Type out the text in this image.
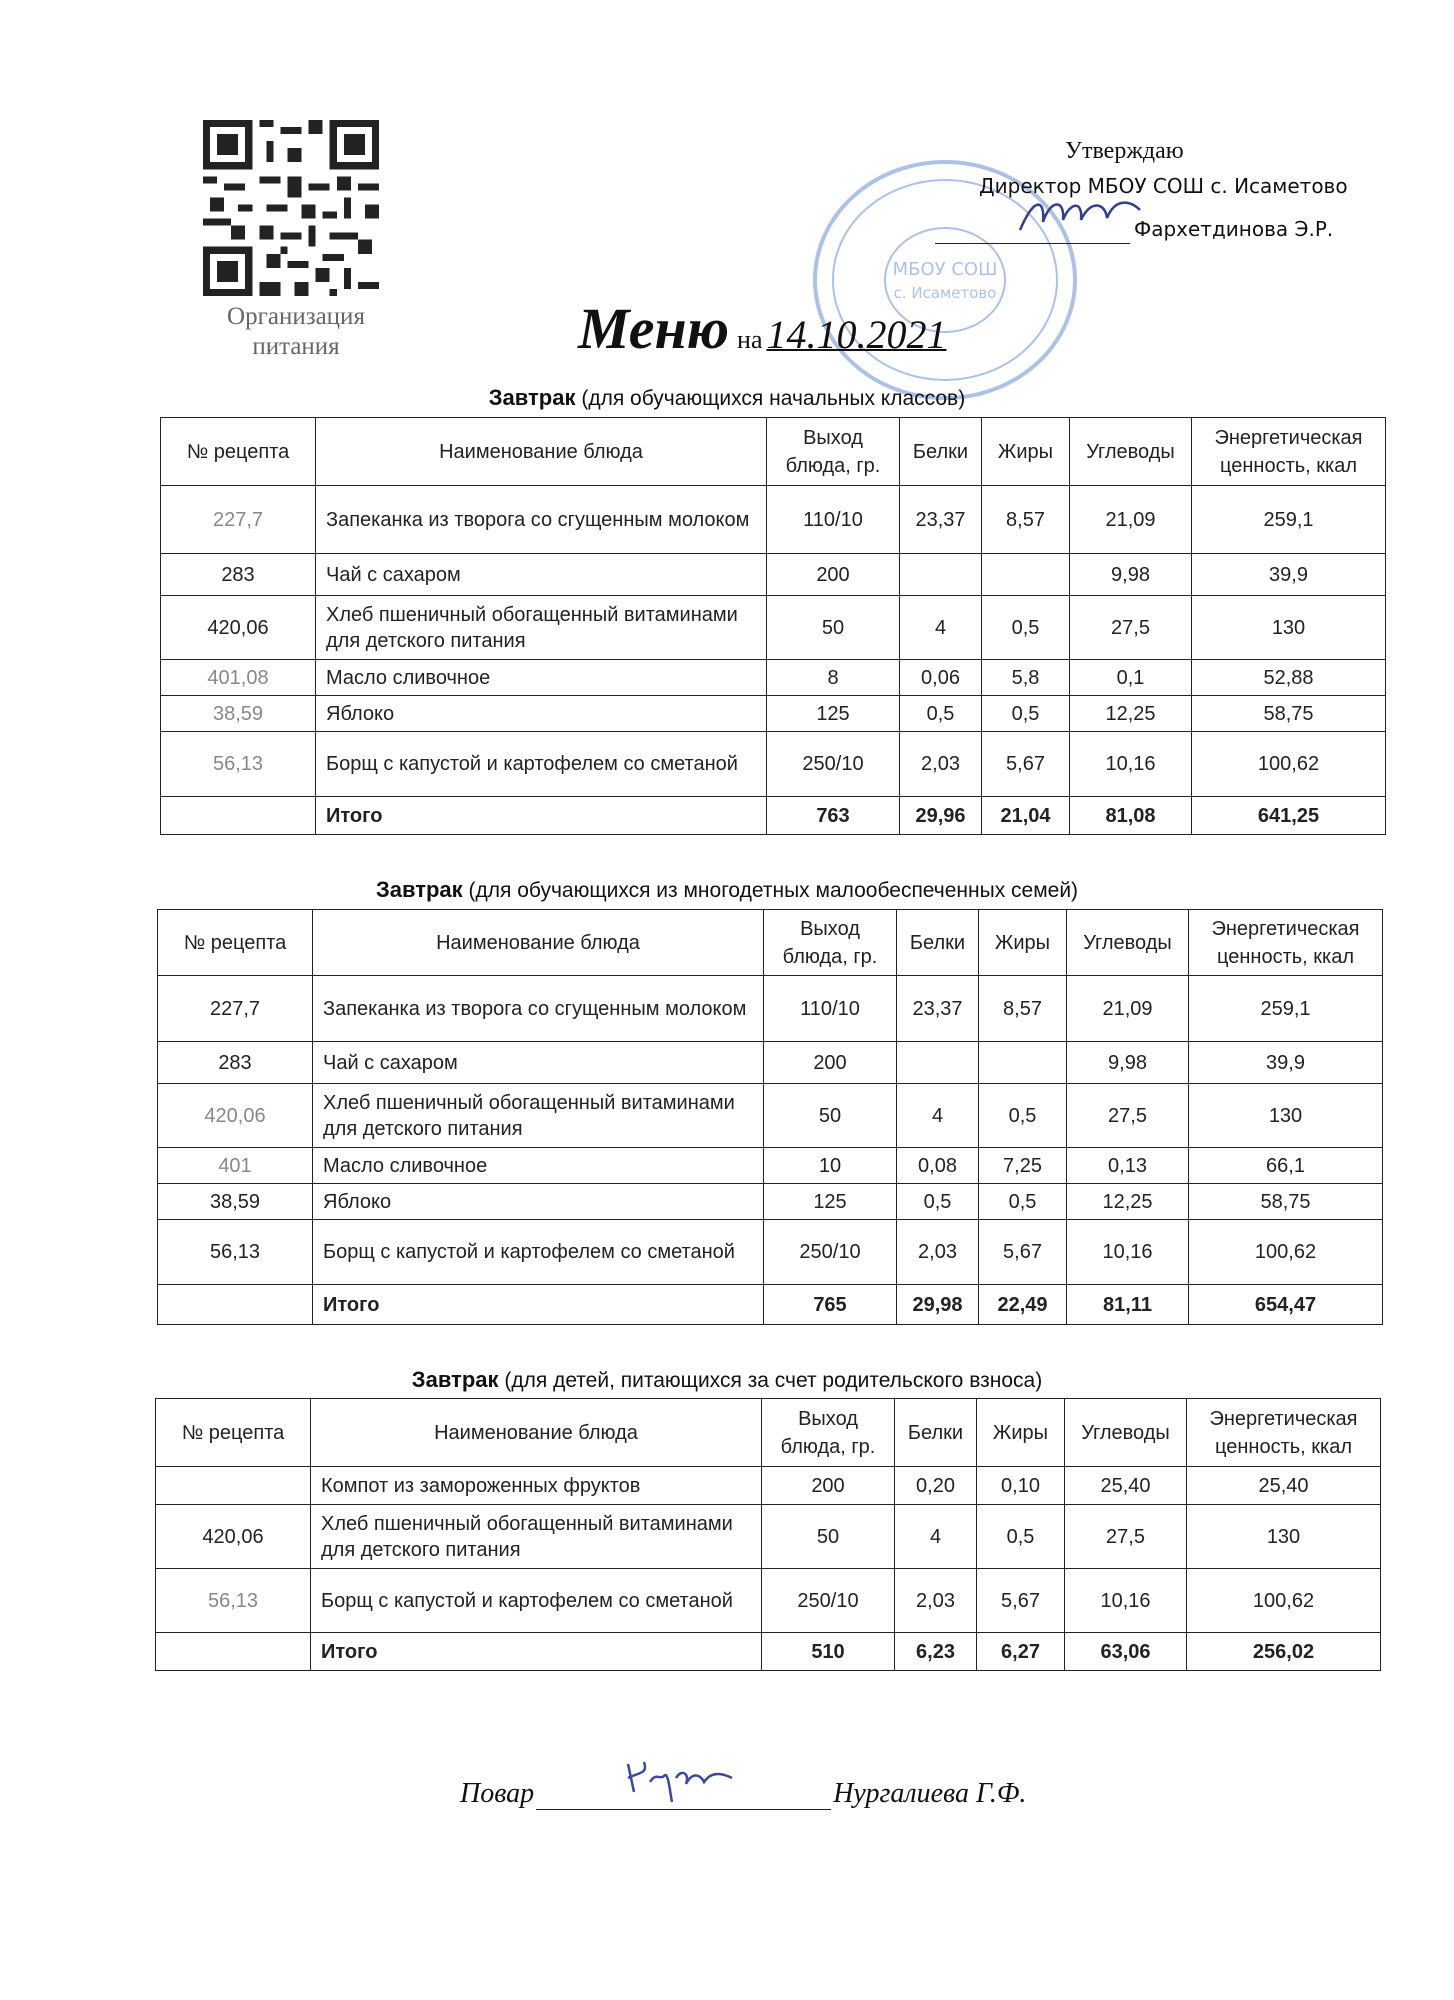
Организация
питания
МБОУ СОШ
с. Исаметово
Утверждаю
Директор МБОУ СОШ с. Исаметово
Фархетдинова Э.Р.
Меню на 14.10.2021
Завтрак (для обучающихся начальных классов)
№ рецепта	Наименование блюда	Выход блюда, гр.	Белки	Жиры	Углеводы	Энергетическая ценность, ккал
227,7	Запеканка из творога со сгущенным молоком	110/10	23,37	8,57	21,09	259,1
283	Чай с сахаром	200			9,98	39,9
420,06	Хлеб пшеничный обогащенный витаминами для детского питания	50	4	0,5	27,5	130
401,08	Масло сливочное	8	0,06	5,8	0,1	52,88
38,59	Яблоко	125	0,5	0,5	12,25	58,75
56,13	Борщ с капустой и картофелем со сметаной	250/10	2,03	5,67	10,16	100,62
	Итого	763	29,96	21,04	81,08	641,25
Завтрак (для обучающихся из многодетных малообеспеченных семей)
№ рецепта	Наименование блюда	Выход блюда, гр.	Белки	Жиры	Углеводы	Энергетическая ценность, ккал
227,7	Запеканка из творога со сгущенным молоком	110/10	23,37	8,57	21,09	259,1
283	Чай с сахаром	200			9,98	39,9
420,06	Хлеб пшеничный обогащенный витаминами для детского питания	50	4	0,5	27,5	130
401	Масло сливочное	10	0,08	7,25	0,13	66,1
38,59	Яблоко	125	0,5	0,5	12,25	58,75
56,13	Борщ с капустой и картофелем со сметаной	250/10	2,03	5,67	10,16	100,62
	Итого	765	29,98	22,49	81,11	654,47
Завтрак (для детей, питающихся за счет родительского взноса)
№ рецепта	Наименование блюда	Выход блюда, гр.	Белки	Жиры	Углеводы	Энергетическая ценность, ккал
	Компот из замороженных фруктов	200	0,20	0,10	25,40	25,40
420,06	Хлеб пшеничный обогащенный витаминами для детского питания	50	4	0,5	27,5	130
56,13	Борщ с капустой и картофелем со сметаной	250/10	2,03	5,67	10,16	100,62
	Итого	510	6,23	6,27	63,06	256,02
Повар	Нургалиева Г.Ф.
